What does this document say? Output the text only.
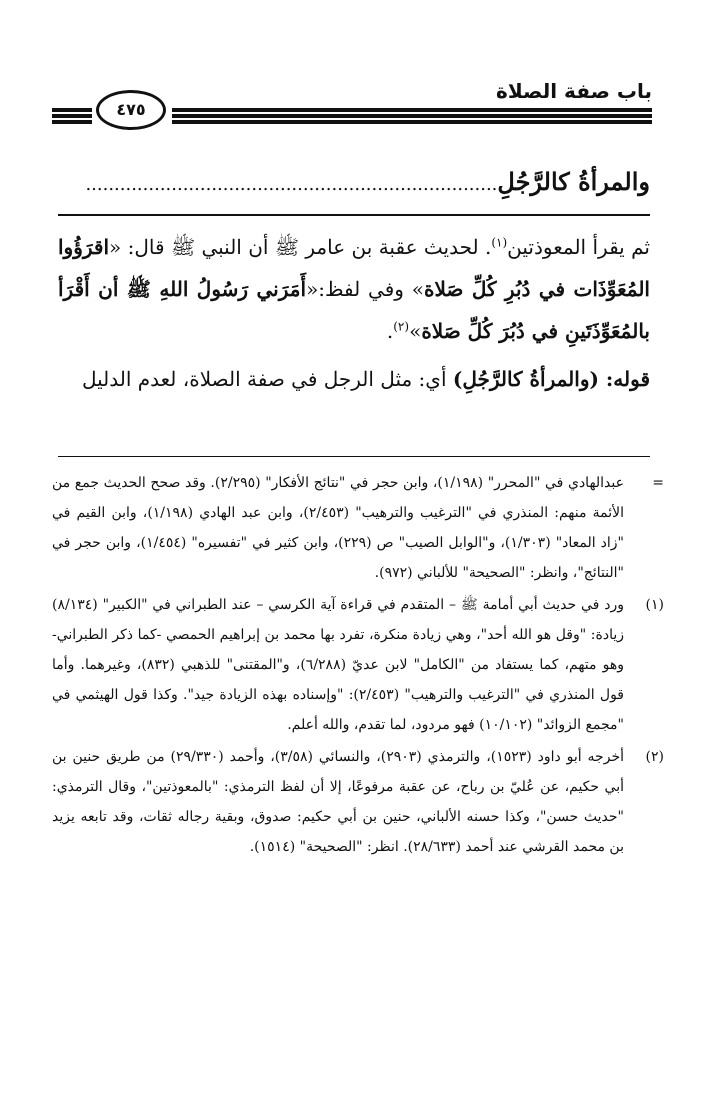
باب صفة الصلاة
٤٧٥
والمرأةُ كالرَّجُلِ........................................................................

ثم يقرأ المعوذتين$^{(١)}$. لحديث عقبة بن عامر ﷺ أن النبي ﷺ قال: «اقرَؤُوا المُعَوِّذَات في دُبُرِ كُلِّ صَلاة» وفي لفظ:«أَمَرَني رَسُولُ اللهِ ﷺ أن أَقْرَأ بالمُعَوِّذَتَينِ في دُبُرَ كُلِّ صَلاة»$^{(٢)}$.

قوله: (والمرأةُ كالرَّجُلِ) أي: مثل الرجل في صفة الصلاة، لعدم الدليل

=
عبدالهادي في "المحرر" (١/١٩٨)، وابن حجر في "نتائج الأفكار" (٢/٢٩٥). وقد صحح الحديث جمع من الأئمة منهم: المنذري في "الترغيب والترهيب" (٢/٤٥٣)، وابن عبد الهادي (١/١٩٨)، وابن القيم في "زاد المعاد" (١/٣٠٣)، و"الوابل الصيب" ص (٢٢٩)، وابن كثير في "تفسيره" (١/٤٥٤)، وابن حجر في "النتائج"، وانظر: "الصحيحة" للألباني (٩٧٢).
(١)
ورد في حديث أبي أمامة ﷺ – المتقدم في قراءة آية الكرسي – عند الطبراني في "الكبير" (٨/١٣٤) زيادة: "وقل هو الله أحد"، وهي زيادة منكرة، تفرد بها محمد بن إبراهيم الحمصي -كما ذكر الطبراني- وهو متهم، كما يستفاد من "الكامل" لابن عديّ (٦/٢٨٨)، و"المقتنى" للذهبي (٨٣٢)، وغيرهما. وأما قول المنذري في "الترغيب والترهيب" (٢/٤٥٣): "وإسناده بهذه الزيادة جيد". وكذا قول الهيثمي في "مجمع الزوائد" (١٠/١٠٢) فهو مردود، لما تقدم، والله أعلم.
(٢)
أخرجه أبو داود (١٥٢٣)، والترمذي (٢٩٠٣)، والنسائي (٣/٥٨)، وأحمد (٢٩/٣٣٠) من طريق حنين بن أبي حكيم، عن عُليّ بن رباح، عن عقبة مرفوعًا، إلا أن لفظ الترمذي: "بالمعوذتين"، وقال الترمذي: "حديث حسن"، وكذا حسنه الألباني، حنين بن أبي حكيم: صدوق، وبقية رجاله ثقات، وقد تابعه يزيد بن محمد القرشي عند أحمد (٢٨/٦٣٣). انظر: "الصحيحة" (١٥١٤).
